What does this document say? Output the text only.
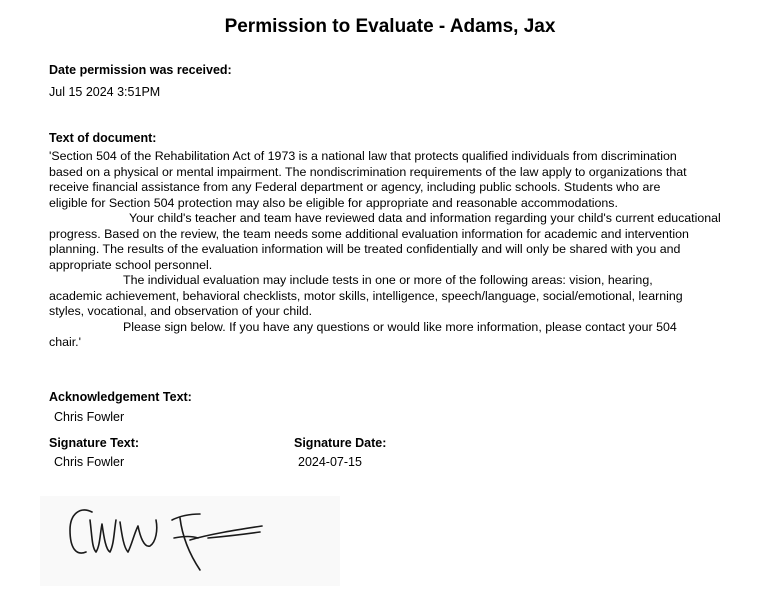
Permission to Evaluate - Adams, Jax
Date permission was received:
Jul 15 2024 3:51PM
Text of document:
'Section 504 of the Rehabilitation Act of 1973 is a national law that protects qualified individuals from discrimination
based on a physical or mental impairment. The nondiscrimination requirements of the law apply to organizations that
receive financial assistance from any Federal department or agency, including public schools. Students who are
eligible for Section 504 protection may also be eligible for appropriate and reasonable accommodations.
Your child's teacher and team have reviewed data and information regarding your child's current educational
progress. Based on the review, the team needs some additional evaluation information for academic and intervention
planning. The results of the evaluation information will be treated confidentially and will only be shared with you and
appropriate school personnel.
The individual evaluation may include tests in one or more of the following areas: vision, hearing,
academic achievement, behavioral checklists, motor skills, intelligence, speech/language, social/emotional, learning
styles, vocational, and observation of your child.
Please sign below. If you have any questions or would like more information, please contact your 504
chair.'
Acknowledgement Text:
Chris Fowler
Signature Text:
Chris Fowler
Signature Date:
2024-07-15
